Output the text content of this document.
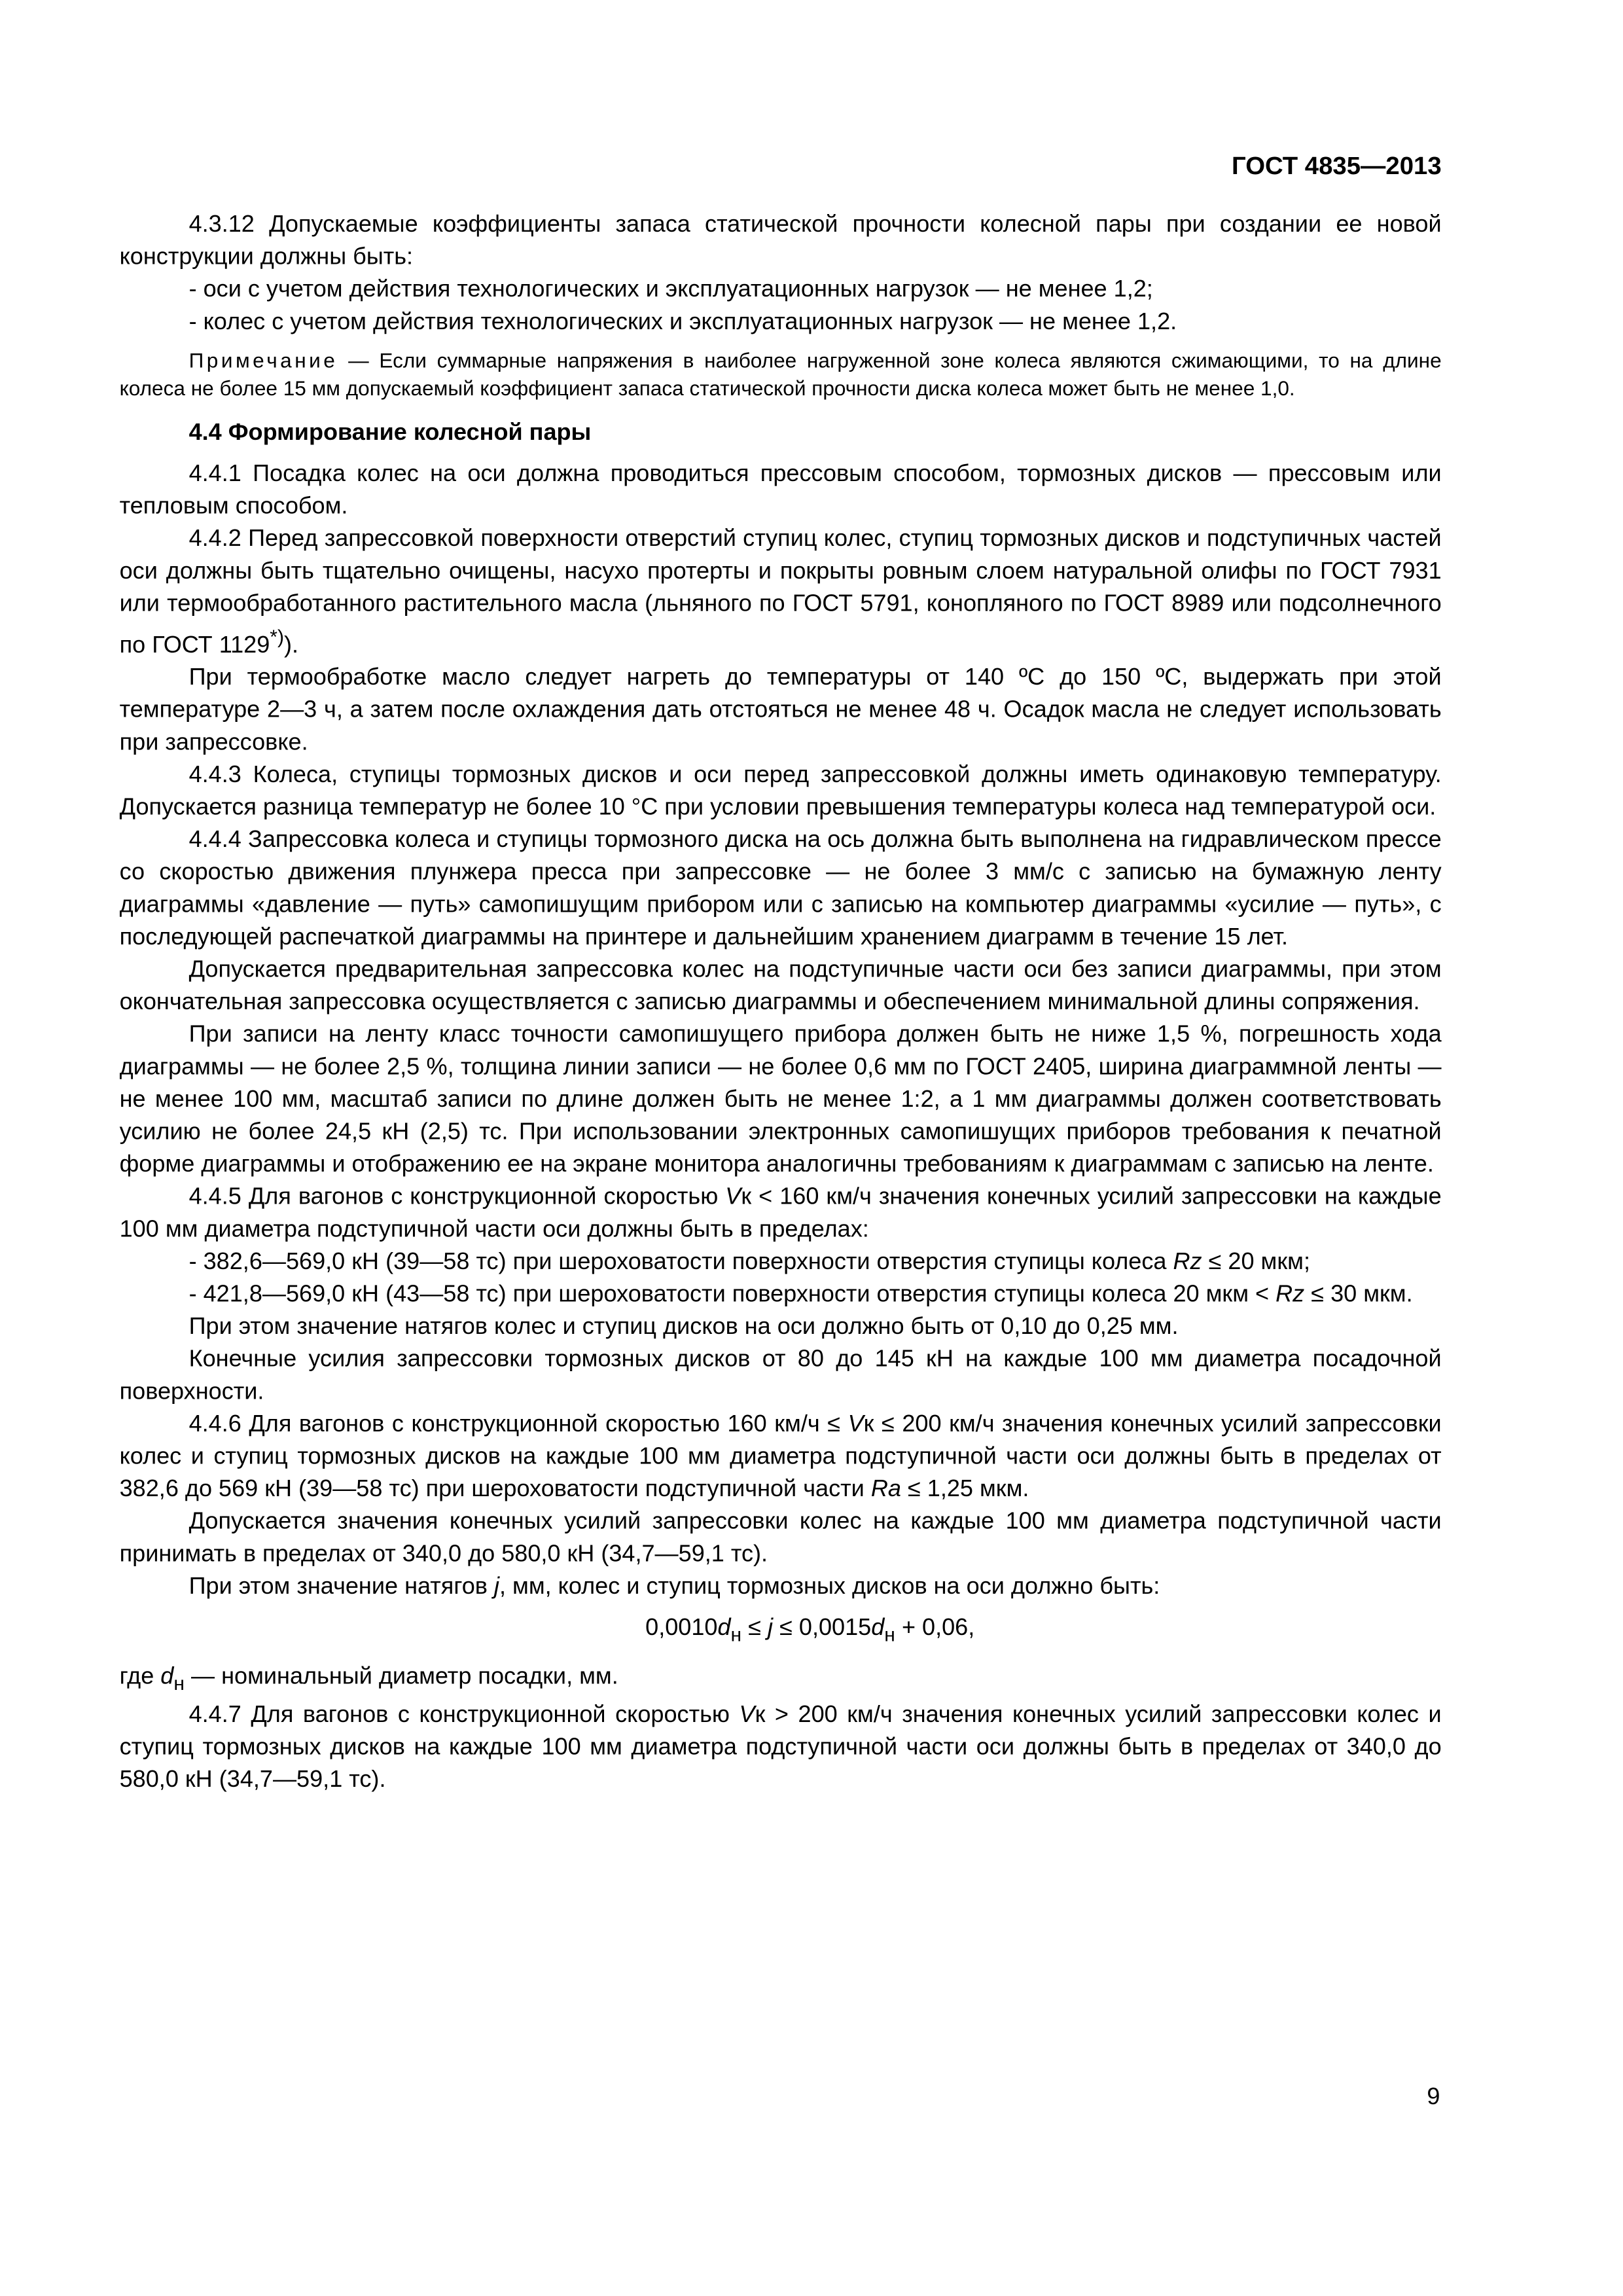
ГОСТ 4835—2013

4.3.12 Допускаемые коэффициенты запаса статической прочности колесной пары при создании ее новой конструкции должны быть:

- оси с учетом действия технологических и эксплуатационных нагрузок — не менее 1,2;

- колес с учетом действия технологических и эксплуатационных нагрузок — не менее 1,2.

Примечание — Если суммарные напряжения в наиболее нагруженной зоне колеса являются сжимающими, то на длине колеса не более 15 мм допускаемый коэффициент запаса статической прочности диска колеса может быть не менее 1,0.

4.4 Формирование колесной пары

4.4.1 Посадка колес на оси должна проводиться прессовым способом, тормозных дисков — прессовым или тепловым способом.

4.4.2 Перед запрессовкой поверхности отверстий ступиц колес, ступиц тормозных дисков и подступичных частей оси должны быть тщательно очищены, насухо протерты и покрыты ровным слоем натуральной олифы по ГОСТ 7931 или термообработанного растительного масла (льняного по ГОСТ 5791, конопляного по ГОСТ 8989 или подсолнечного по ГОСТ 1129*)).

При термообработке масло следует нагреть до температуры от 140 ºС до 150 ºС, выдержать при этой температуре 2—3 ч, а затем после охлаждения дать отстояться не менее 48 ч. Осадок масла не следует использовать при запрессовке.

4.4.3 Колеса, ступицы тормозных дисков и оси перед запрессовкой должны иметь одинаковую температуру. Допускается разница температур не более 10 °С при условии превышения температуры колеса над температурой оси.

4.4.4 Запрессовка колеса и ступицы тормозного диска на ось должна быть выполнена на гидравлическом прессе со скоростью движения плунжера пресса при запрессовке — не более 3 мм/с с записью на бумажную ленту диаграммы «давление — путь» самопишущим прибором или с записью на компьютер диаграммы «усилие — путь», с последующей распечаткой диаграммы на принтере и дальнейшим хранением диаграмм в течение 15 лет.

Допускается предварительная запрессовка колес на подступичные части оси без записи диаграммы, при этом окончательная запрессовка осуществляется с записью диаграммы и обеспечением минимальной длины сопряжения.

При записи на ленту класс точности самопишущего прибора должен быть не ниже 1,5 %, погрешность хода диаграммы — не более 2,5 %, толщина линии записи — не более 0,6 мм по ГОСТ 2405, ширина диаграммной ленты — не менее 100 мм, масштаб записи по длине должен быть не менее 1:2, а 1 мм диаграммы должен соответствовать усилию не более 24,5 кН (2,5) тс. При использовании электронных самопишущих приборов требования к печатной форме диаграммы и отображению ее на экране монитора аналогичны требованиям к диаграммам с записью на ленте.

4.4.5 Для вагонов с конструкционной скоростью Vк < 160 км/ч значения конечных усилий запрессовки на каждые 100 мм диаметра подступичной части оси должны быть в пределах:

- 382,6—569,0 кН (39—58 тс) при шероховатости поверхности отверстия ступицы колеса Rz ≤ 20 мкм;

- 421,8—569,0 кН (43—58 тс) при шероховатости поверхности отверстия ступицы колеса 20 мкм < Rz ≤ 30 мкм.

При этом значение натягов колес и ступиц дисков на оси должно быть от 0,10 до 0,25 мм.

Конечные усилия запрессовки тормозных дисков от 80 до 145 кН на каждые 100 мм диаметра посадочной поверхности.

4.4.6 Для вагонов с конструкционной скоростью 160 км/ч ≤ Vк ≤ 200 км/ч значения конечных усилий запрессовки колес и ступиц тормозных дисков на каждые 100 мм диаметра подступичной части оси должны быть в пределах от 382,6 до 569 кН (39—58 тс) при шероховатости подступичной части Ra ≤ 1,25 мкм.

Допускается значения конечных усилий запрессовки колес на каждые 100 мм диаметра подступичной части принимать в пределах от 340,0 до 580,0 кН (34,7—59,1 тс).

При этом значение натягов j, мм, колес и ступиц тормозных дисков на оси должно быть:

$0,0010d_н \le j \le 0,0015d_н + 0,06$,

где $d_н$ — номинальный диаметр посадки, мм.

4.4.7 Для вагонов с конструкционной скоростью Vк > 200 км/ч значения конечных усилий запрессовки колес и ступиц тормозных дисков на каждые 100 мм диаметра подступичной части оси должны быть в пределах от 340,0 до 580,0 кН (34,7—59,1 тс).

9
